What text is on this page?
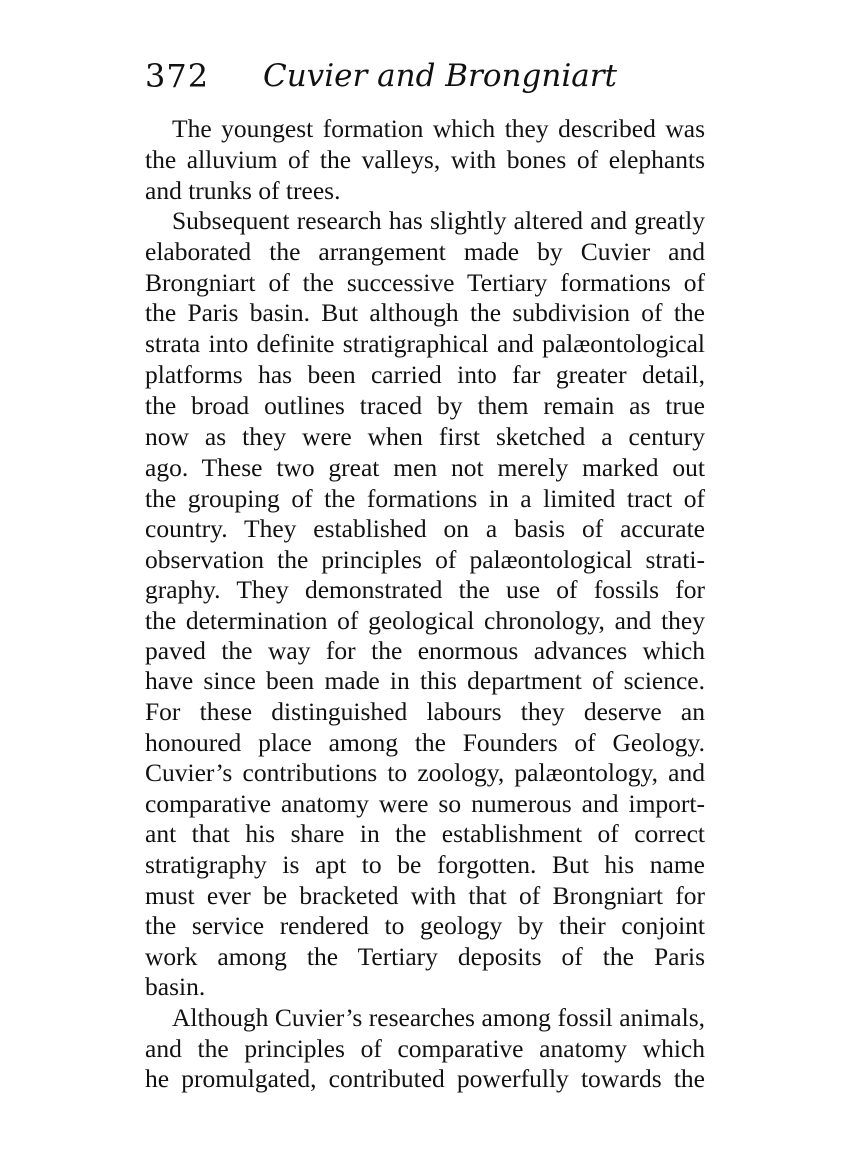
372 Cuvier and Brongniart
The youngest formation which they described was
the alluvium of the valleys, with bones of elephants
and trunks of trees.
Subsequent research has slightly altered and greatly
elaborated the arrangement made by Cuvier and
Brongniart of the successive Tertiary formations of
the Paris basin. But although the subdivision of the
strata into definite stratigraphical and palæontological
platforms has been carried into far greater detail,
the broad outlines traced by them remain as true
now as they were when first sketched a century
ago. These two great men not merely marked out
the grouping of the formations in a limited tract of
country. They established on a basis of accurate
observation the principles of palæontological strati-
graphy. They demonstrated the use of fossils for
the determination of geological chronology, and they
paved the way for the enormous advances which
have since been made in this department of science.
For these distinguished labours they deserve an
honoured place among the Founders of Geology.
Cuvier’s contributions to zoology, palæontology, and
comparative anatomy were so numerous and import-
ant that his share in the establishment of correct
stratigraphy is apt to be forgotten. But his name
must ever be bracketed with that of Brongniart for
the service rendered to geology by their conjoint
work among the Tertiary deposits of the Paris
basin.
Although Cuvier’s researches among fossil animals,
and the principles of comparative anatomy which
he promulgated, contributed powerfully towards the
